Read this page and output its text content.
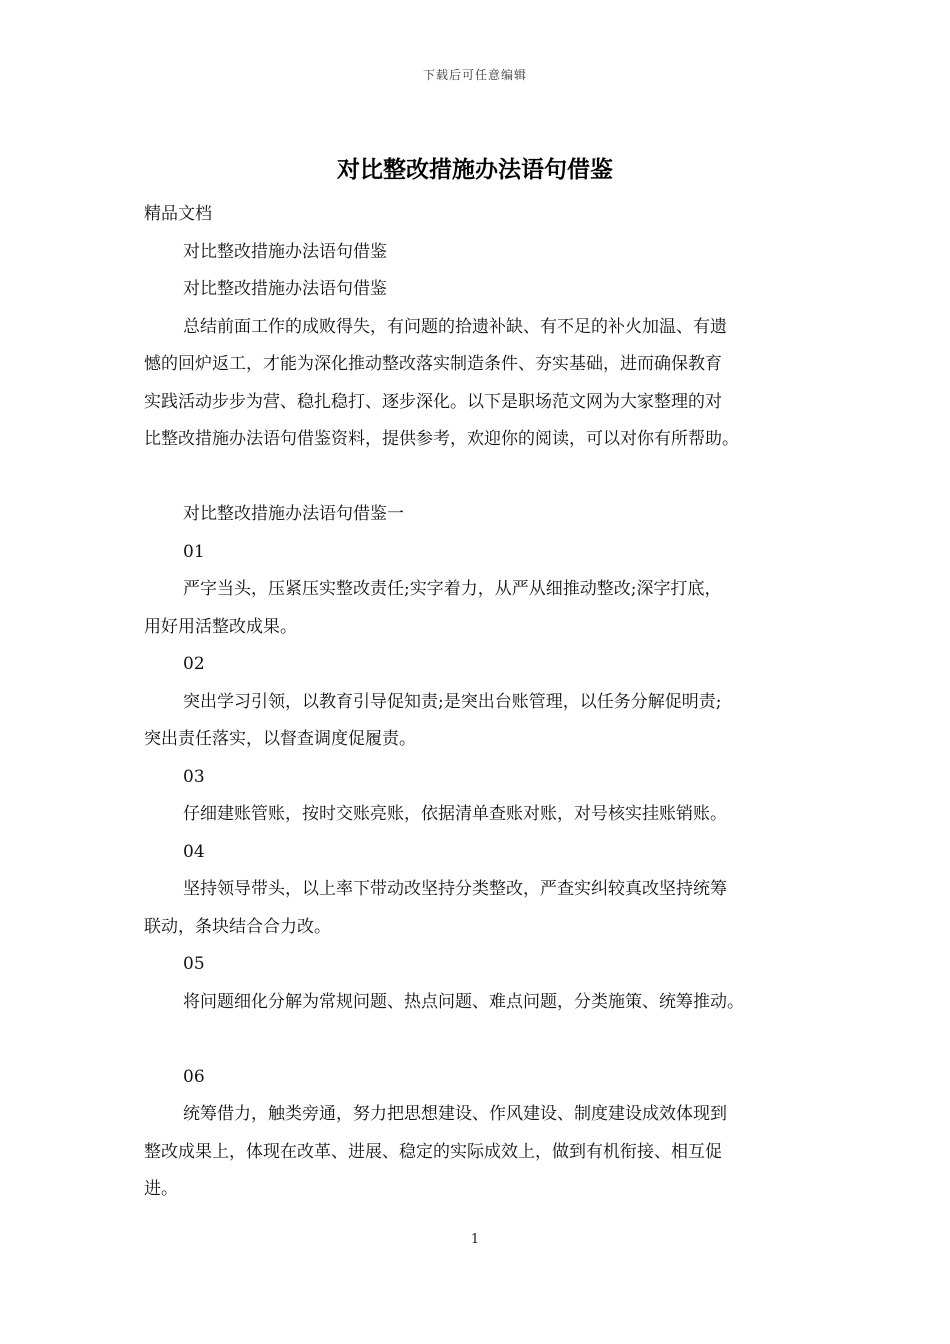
下载后可任意编辑
对比整改措施办法语句借鉴

精品文档

对比整改措施办法语句借鉴

对比整改措施办法语句借鉴

总结前面工作的成败得失，有问题的拾遗补缺、有不足的补火加温、有遗

憾的回炉返工，才能为深化推动整改落实制造条件、夯实基础，进而确保教育

实践活动步步为营、稳扎稳打、逐步深化。以下是职场范文网为大家整理的对

比整改措施办法语句借鉴资料，提供参考，欢迎你的阅读，可以对你有所帮助。

对比整改措施办法语句借鉴一

01

严字当头，压紧压实整改责任;实字着力，从严从细推动整改;深字打底，

用好用活整改成果。

02

突出学习引领，以教育引导促知责;是突出台账管理，以任务分解促明责;

突出责任落实，以督查调度促履责。

03

仔细建账管账，按时交账亮账，依据清单查账对账，对号核实挂账销账。

04

坚持领导带头，以上率下带动改坚持分类整改，严查实纠较真改坚持统筹

联动，条块结合合力改。

05

将问题细化分解为常规问题、热点问题、难点问题，分类施策、统筹推动。

06

统筹借力，触类旁通，努力把思想建设、作风建设、制度建设成效体现到

整改成果上，体现在改革、进展、稳定的实际成效上，做到有机衔接、相互促

进。

1
